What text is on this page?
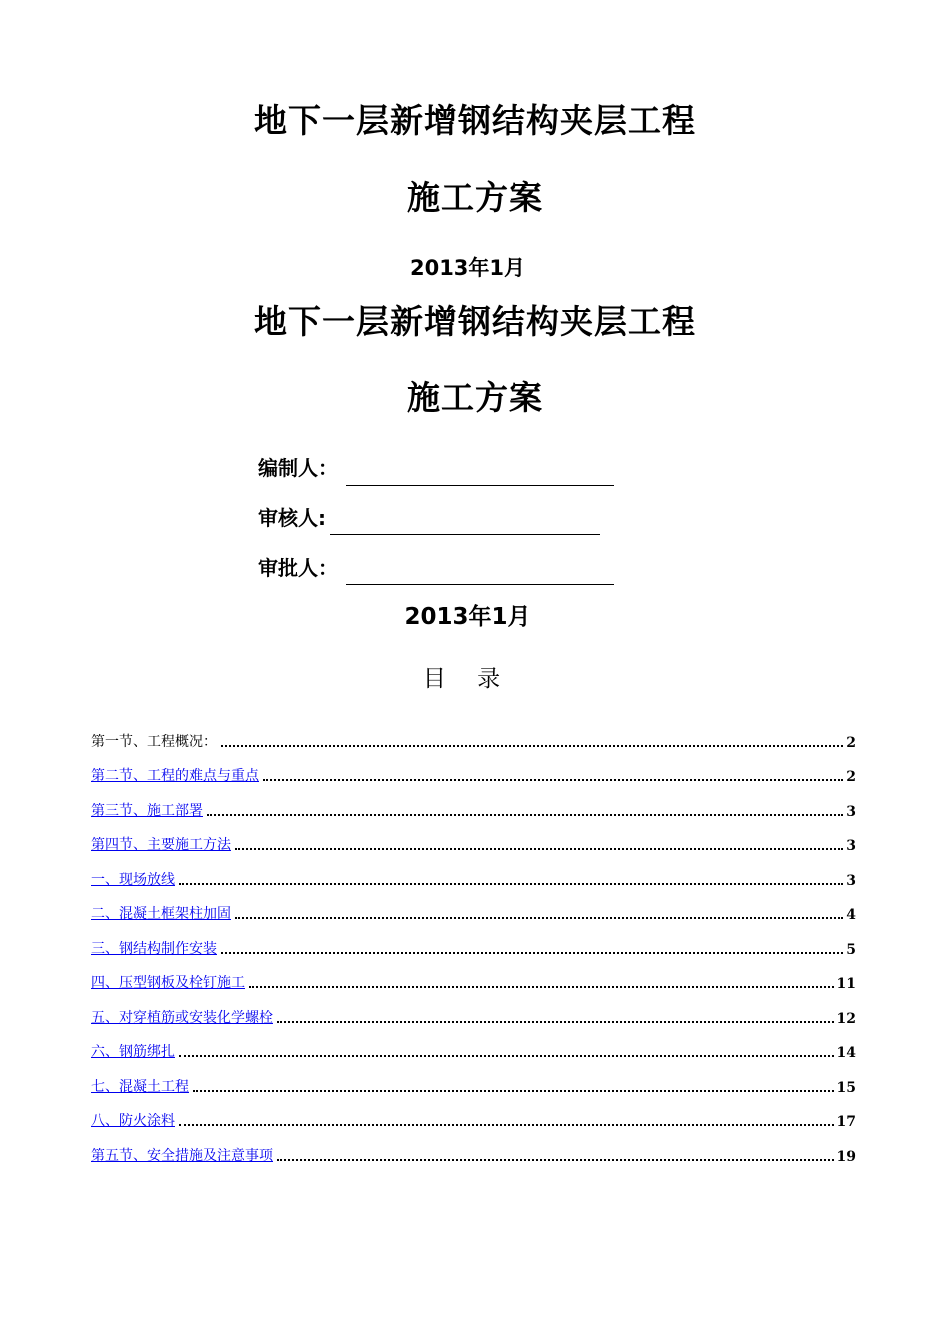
地下一层新增钢结构夹层工程
施工方案
2013年1月
地下一层新增钢结构夹层工程
施工方案
编制人：
审核人:
审批人：
2013年1月
目 录
第一节、工程概况：	2
第二节、工程的难点与重点	2
第三节、施工部署	3
第四节、主要施工方法	3
一、现场放线	3
二、混凝土框架柱加固	4
三、钢结构制作安装	5
四、压型钢板及栓钉施工	11
五、对穿植筋或安装化学螺栓	12
六、钢筋绑扎	14
七、混凝土工程	15
八、防火涂料	17
第五节、安全措施及注意事项	19
